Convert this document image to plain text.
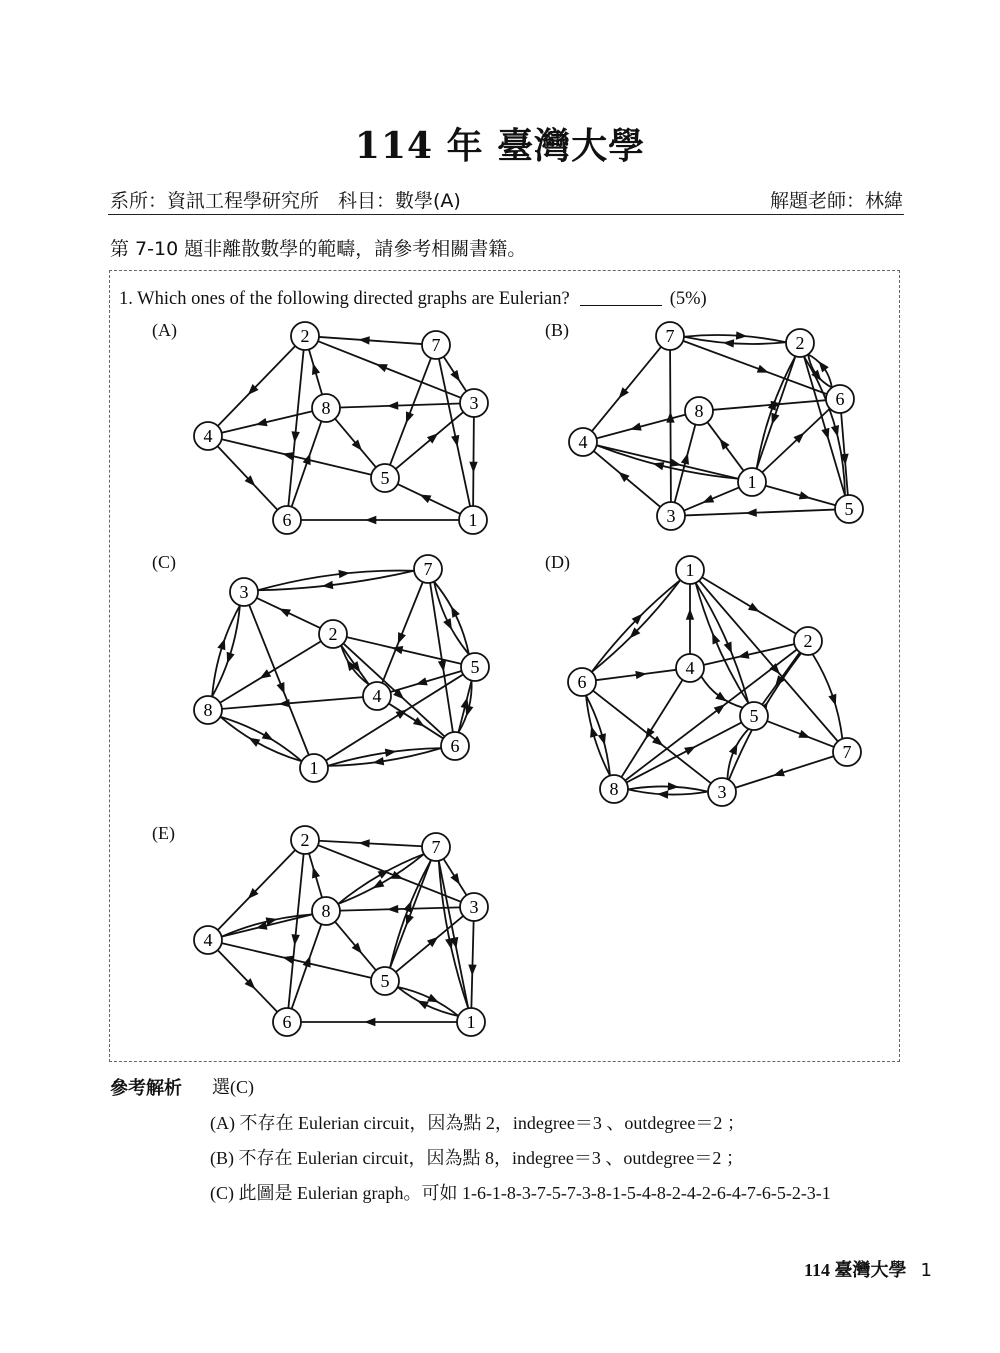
114 年 臺灣大學
系所：資訊工程學研究所　科目：數學(A)	解題老師：林緯
第 7-10 題非離散數學的範疇，請參考相關書籍。
1. Which ones of the following directed graphs are Eulerian?	(5%)
(A)	(B)
(C)	(D)
(E)
1
2
3
4
5
6
7
8
1
2
3
4
5
6
7
8
1
2
3
4
5
6
7
8
1
2
3
4
5
6
7
8
1
2
3
4
5
6
7
8
參考解析 選(C)
(A) 不存在 Eulerian circuit，因為點 2，indegree＝3 、outdegree＝2 ；
(B) 不存在 Eulerian circuit，因為點 8，indegree＝3 、outdegree＝2 ；
(C) 此圖是 Eulerian graph。可如 1-6-1-8-3-7-5-7-3-8-1-5-4-8-2-4-2-6-4-7-6-5-2-3-1
114 臺灣大學 1
